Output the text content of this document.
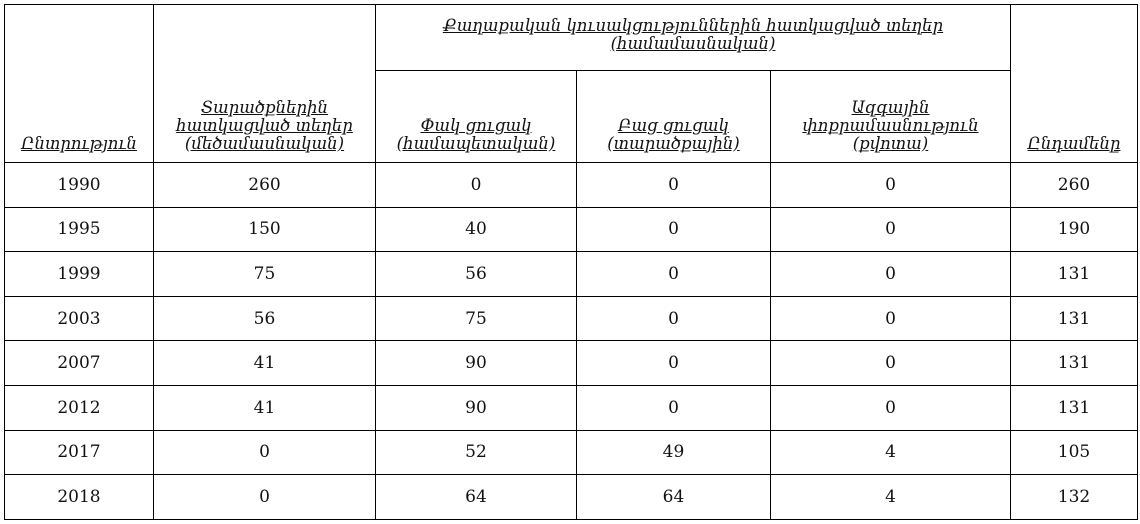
Ընտրություն	Տարածքներին հատկացված տեղեր (մեծամասնական)	Քաղաքական կուսակցություններին հատկացված տեղեր (համամասնական)			Ընդամենը
		Փակ ցուցակ (համապետական)	Բաց ցուցակ (տարածքային)	Ազգային փոքրամասնություն (քվոտա)	
1990	260	0	0	0	260
1995	150	40	0	0	190
1999	75	56	0	0	131
2003	56	75	0	0	131
2007	41	90	0	0	131
2012	41	90	0	0	131
2017	0	52	49	4	105
2018	0	64	64	4	132
